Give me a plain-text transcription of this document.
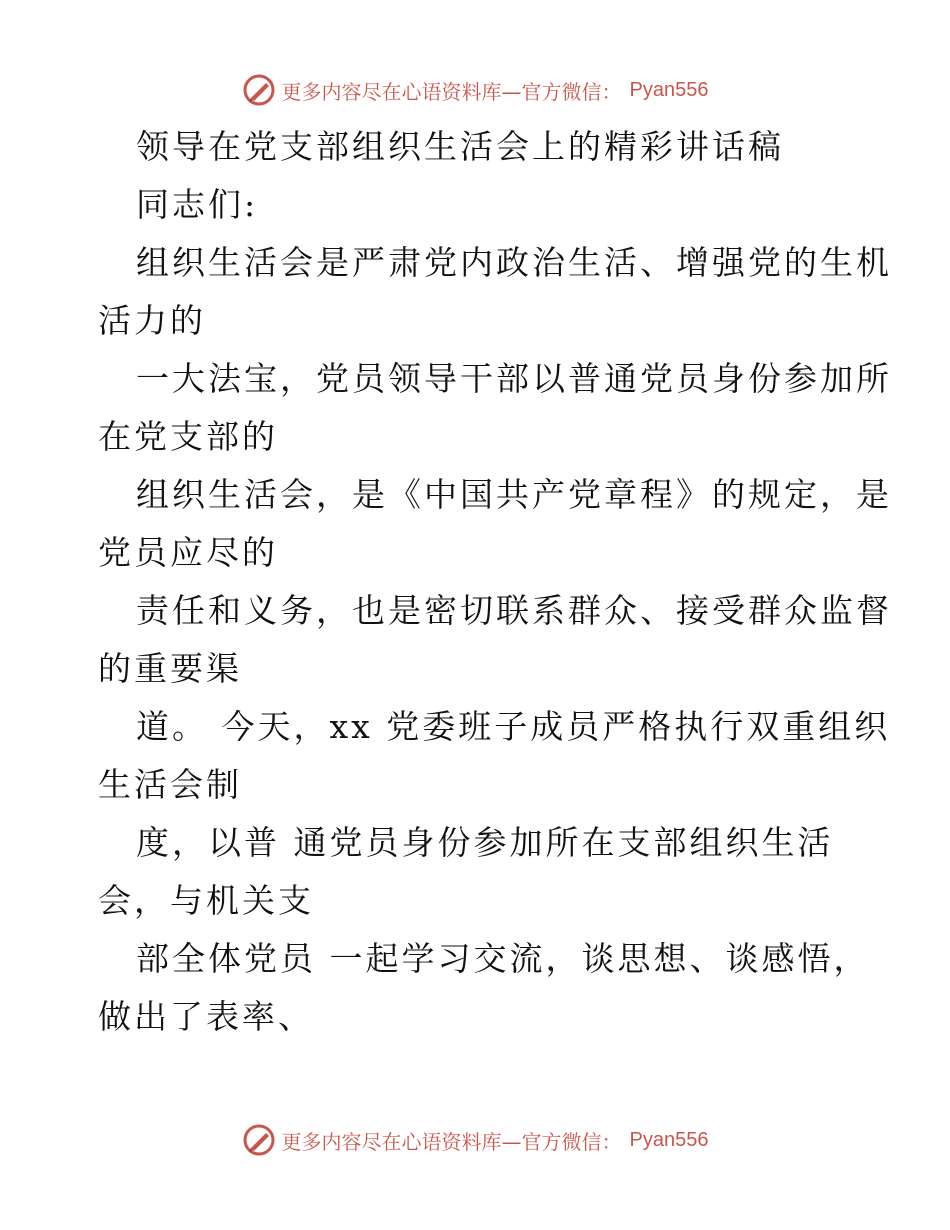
更多内容尽在心语资料库—官方微信： Pyan556
领导在党支部组织生活会上的精彩讲话稿
同志们:
组织生活会是严肃党内政治生活、增强党的生机
活力的
一大法宝，党员领导干部以普通党员身份参加所
在党支部的
组织生活会，是《中国共产党章程》的规定，是
党员应尽的
责任和义务，也是密切联系群众、接受群众监督
的重要渠
道。 今天，xx 党委班子成员严格执行双重组织
生活会制
度，以普 通党员身份参加所在支部组织生活
会，与机关支
部全体党员 一起学习交流，谈思想、谈感悟，
做出了表率、
更多内容尽在心语资料库—官方微信： Pyan556
